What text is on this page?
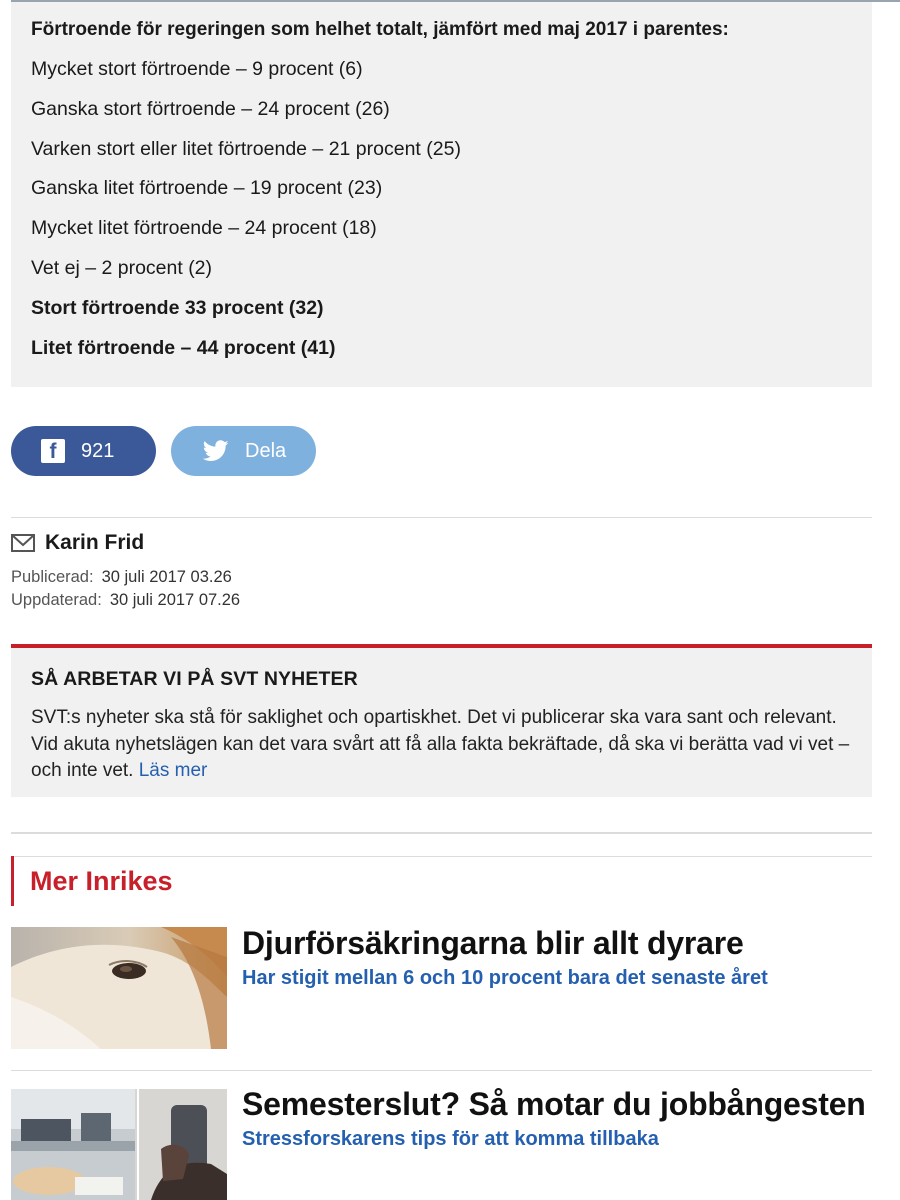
Förtroende för regeringen som helhet totalt, jämfört med maj 2017 i parentes:
Mycket stort förtroende – 9 procent (6)
Ganska stort förtroende – 24 procent (26)
Varken stort eller litet förtroende – 21 procent (25)
Ganska litet förtroende – 19 procent (23)
Mycket litet förtroende – 24 procent (18)
Vet ej – 2 procent (2)
Stort förtroende 33 procent (32)
Litet förtroende – 44 procent (41)
f	921	Dela
Karin Frid
Publicerad: 30 juli 2017 03.26
Uppdaterad: 30 juli 2017 07.26
SÅ ARBETAR VI PÅ SVT NYHETER
SVT:s nyheter ska stå för saklighet och opartiskhet. Det vi publicerar ska vara sant och relevant. Vid akuta nyhetslägen kan det vara svårt att få alla fakta bekräftade, då ska vi berätta vad vi vet – och inte vet. Läs mer
Mer Inrikes
Djurförsäkringarna blir allt dyrare
Har stigit mellan 6 och 10 procent bara det senaste året
Semesterslut? Så motar du jobbångesten
Stressforskarens tips för att komma tillbaka
